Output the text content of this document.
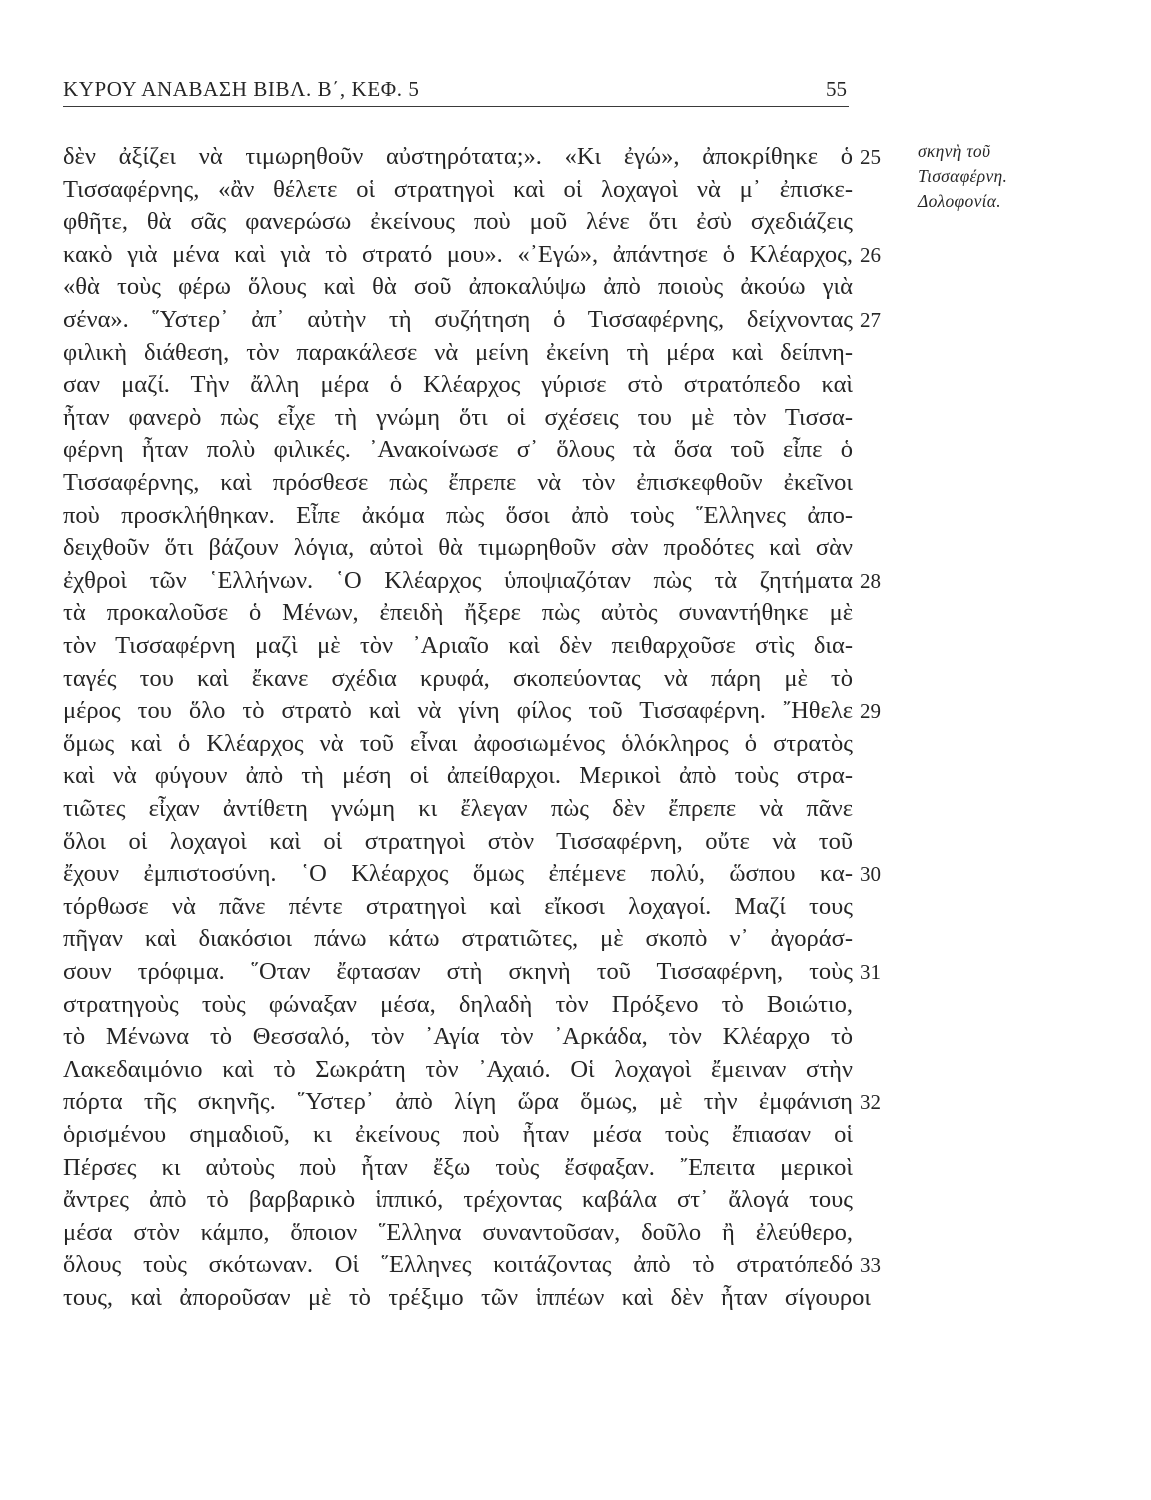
ΚΥΡΟΥ ΑΝΑΒΑΣΗ ΒΙΒΛ. Β΄, ΚΕΦ. 5	55
σκηνὴ τοῦ
Τισσαφέρνη.
Δολοφονία.
δὲν ἀξίζει νὰ τιμωρηθοῦν αὐστηρότατα;». «Κι ἐγώ», ἀποκρίθηκε ὁ
Τισσαφέρνης, «ἂν θέλετε οἱ στρατηγοὶ καὶ οἱ λοχαγοὶ νὰ μ᾽ ἐπισκε-
φθῆτε, θὰ σᾶς φανερώσω ἐκείνους ποὺ μοῦ λένε ὅτι ἐσὺ σχεδιάζεις
κακὸ γιὰ μένα καὶ γιὰ τὸ στρατό μου». «᾽Εγώ», ἀπάντησε ὁ Κλέαρχος,
«θὰ τοὺς φέρω ὅλους καὶ θὰ σοῦ ἀποκαλύψω ἀπὸ ποιοὺς ἀκούω γιὰ
σένα». ῞Υστερ᾽ ἀπ᾽ αὐτὴν τὴ συζήτηση ὁ Τισσαφέρνης, δείχνοντας
φιλικὴ διάθεση, τὸν παρακάλεσε νὰ μείνη ἐκείνη τὴ μέρα καὶ δείπνη-
σαν μαζί. Τὴν ἄλλη μέρα ὁ Κλέαρχος γύρισε στὸ στρατόπεδο καὶ
ἦταν φανερὸ πὼς εἶχε τὴ γνώμη ὅτι οἱ σχέσεις του μὲ τὸν Τισσα-
φέρνη ἦταν πολὺ φιλικές. ᾽Ανακοίνωσε σ᾽ ὅλους τὰ ὅσα τοῦ εἶπε ὁ
Τισσαφέρνης, καὶ πρόσθεσε πὼς ἔπρεπε νὰ τὸν ἐπισκεφθοῦν ἐκεῖνοι
ποὺ προσκλήθηκαν. Εἶπε ἀκόμα πὼς ὅσοι ἀπὸ τοὺς ῞Ελληνες ἀπο-
δειχθοῦν ὅτι βάζουν λόγια, αὐτοὶ θὰ τιμωρηθοῦν σὰν προδότες καὶ σὰν
ἐχθροὶ τῶν ῾Ελλήνων. ῾Ο Κλέαρχος ὑποψιαζόταν πὼς τὰ ζητήματα
τὰ προκαλοῦσε ὁ Μένων, ἐπειδὴ ἤξερε πὼς αὐτὸς συναντήθηκε μὲ
τὸν Τισσαφέρνη μαζὶ μὲ τὸν ᾽Αριαῖο καὶ δὲν πειθαρχοῦσε στὶς δια-
ταγές του καὶ ἔκανε σχέδια κρυφά, σκοπεύοντας νὰ πάρη μὲ τὸ
μέρος του ὅλο τὸ στρατὸ καὶ νὰ γίνη φίλος τοῦ Τισσαφέρνη. ῎Ηθελε
ὅμως καὶ ὁ Κλέαρχος νὰ τοῦ εἶναι ἀφοσιωμένος ὁλόκληρος ὁ στρατὸς
καὶ νὰ φύγουν ἀπὸ τὴ μέση οἱ ἀπείθαρχοι. Μερικοὶ ἀπὸ τοὺς στρα-
τιῶτες εἶχαν ἀντίθετη γνώμη κι ἔλεγαν πὼς δὲν ἔπρεπε νὰ πᾶνε
ὅλοι οἱ λοχαγοὶ καὶ οἱ στρατηγοὶ στὸν Τισσαφέρνη, οὔτε νὰ τοῦ
ἔχουν ἐμπιστοσύνη. ῾Ο Κλέαρχος ὅμως ἐπέμενε πολύ, ὥσπου κα-
τόρθωσε νὰ πᾶνε πέντε στρατηγοὶ καὶ εἴκοσι λοχαγοί. Μαζί τους
πῆγαν καὶ διακόσιοι πάνω κάτω στρατιῶτες, μὲ σκοπὸ ν᾽ ἀγοράσ-
σουν τρόφιμα. ῞Οταν ἔφτασαν στὴ σκηνὴ τοῦ Τισσαφέρνη, τοὺς
στρατηγοὺς τοὺς φώναξαν μέσα, δηλαδὴ τὸν Πρόξενο τὸ Βοιώτιο,
τὸ Μένωνα τὸ Θεσσαλό, τὸν ᾽Αγία τὸν ᾽Αρκάδα, τὸν Κλέαρχο τὸ
Λακεδαιμόνιο καὶ τὸ Σωκράτη τὸν ᾽Αχαιό. Οἱ λοχαγοὶ ἔμειναν στὴν
πόρτα τῆς σκηνῆς. ῞Υστερ᾽ ἀπὸ λίγη ὥρα ὅμως, μὲ τὴν ἐμφάνιση
ὁρισμένου σημαδιοῦ, κι ἐκείνους ποὺ ἦταν μέσα τοὺς ἔπιασαν οἱ
Πέρσες κι αὐτοὺς ποὺ ἦταν ἔξω τοὺς ἔσφαξαν. ῎Επειτα μερικοὶ
ἄντρες ἀπὸ τὸ βαρβαρικὸ ἱππικό, τρέχοντας καβάλα στ᾽ ἄλογά τους
μέσα στὸν κάμπο, ὅποιον ῞Ελληνα συναντοῦσαν, δοῦλο ἢ ἐλεύθερο,
ὅλους τοὺς σκότωναν. Οἱ ῞Ελληνες κοιτάζοντας ἀπὸ τὸ στρατόπεδό
τους, καὶ ἀποροῦσαν μὲ τὸ τρέξιμο τῶν ἱππέων καὶ δὲν ἦταν σίγουροι
25
26
27
28
29
30
31
32
33
